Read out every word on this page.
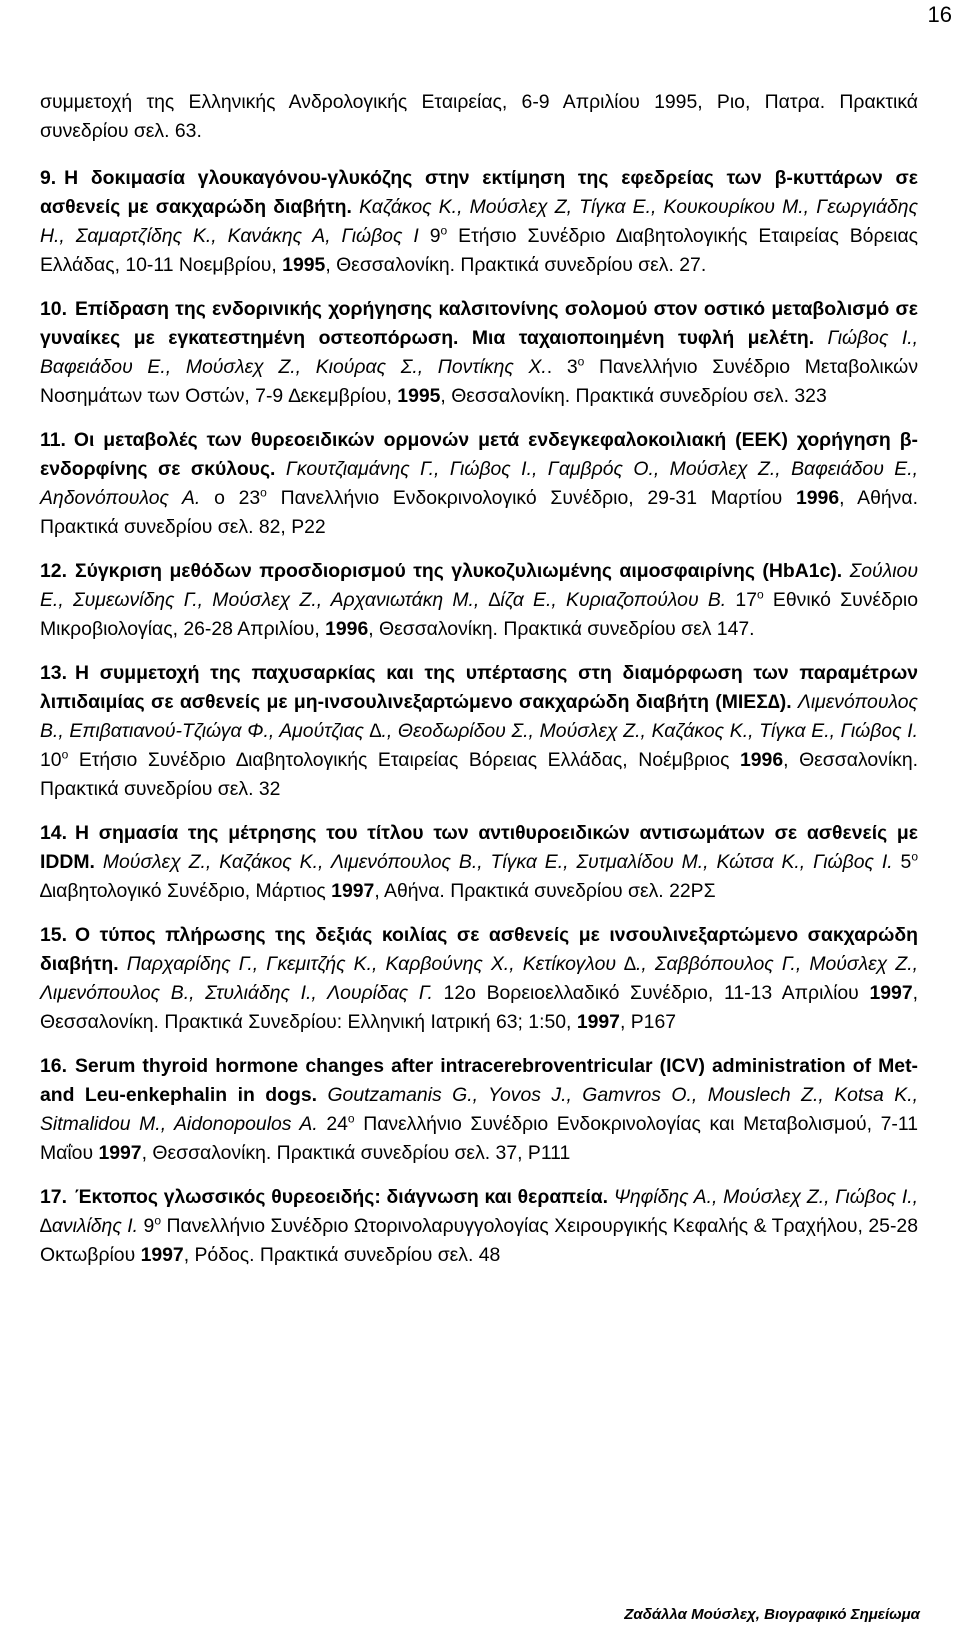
16

συμμετοχή της Ελληνικής Ανδρολογικής Εταιρείας, 6-9 Απριλίου 1995, Ριο, Πατρα. Πρακτικά συνεδρίου σελ. 63.

9. Η δοκιμασία γλουκαγόνου-γλυκόζης στην εκτίμηση της εφεδρείας των β-κυττάρων σε ασθενείς με σακχαρώδη διαβήτη. Καζάκος Κ., Μούσλεχ Ζ, Τίγκα Ε., Κουκουρίκου Μ., Γεωργιάδης Η., Σαμαρτζίδης Κ., Κανάκης Α, Γιώβος Ι $9^o$ Ετήσιο Συνέδριο ∆ιαβητολογικής Εταιρείας Βόρειας Ελλάδας, 10-11 Νοεμβρίου, 1995, Θεσσαλονίκη. Πρακτικά συνεδρίου σελ. 27.

10. Επίδραση της ενδορινικής χορήγησης καλσιτονίνης σολομού στον οστικό μεταβολισμό σε γυναίκες με εγκατεστημένη οστεοπόρωση. Μια ταχαιοποιημένη τυφλή μελέτη. Γιώβος Ι., Βαφειάδου Ε., Μούσλεχ Ζ., Κιούρας Σ., Ποντίκης Χ.. $3^o$ Πανελλήνιο Συνέδριο Μεταβολικών Νοσημάτων των Οστών, 7-9 ∆εκεμβρίου, 1995, Θεσσαλονίκη. Πρακτικά συνεδρίου σελ. 323

11. Οι μεταβολές των θυρεοειδικών ορμονών μετά ενδεγκεφαλοκοιλιακή (ΕΕΚ) χορήγηση β-ενδορφίνης σε σκύλους. Γκουτζιαμάνης Γ., Γιώβος Ι., Γαμβρός Ο., Μούσλεχ Ζ., Βαφειάδου Ε., Αηδονόπουλος Α. ο $23^o$ Πανελλήνιο Ενδοκρινολογικό Συνέδριο, 29-31 Μαρτίου 1996, Αθήνα. Πρακτικά συνεδρίου σελ. 82, Ρ22

12. Σύγκριση μεθόδων προσδιορισμού της γλυκοζυλιωμένης αιμοσφαιρίνης (HbA1c). Σούλιου Ε., Συμεωνίδης Γ., Μούσλεχ Ζ., Αρχανιωτάκη Μ., ∆ίζα Ε., Κυριαζοπούλου Β. $17^o$ Εθνικό Συνέδριο Μικροβιολογίας, 26-28 Απριλίου, 1996, Θεσσαλονίκη. Πρακτικά συνεδρίου σελ 147.

13. Η συμμετοχή της παχυσαρκίας και της υπέρτασης στη διαμόρφωση των παραμέτρων λιπιδαιμίας σε ασθενείς με μη-ινσουλινεξαρτώμενο σακχαρώδη διαβήτη (ΜΙΕΣ∆). Λιμενόπουλος Β., Επιβατιανού-Τζιώγα Φ., Αμούτζιας ∆., Θεοδωρίδου Σ., Μούσλεχ Ζ., Καζάκος Κ., Τίγκα Ε., Γιώβος Ι. $10^o$ Ετήσιο Συνέδριο ∆ιαβητολογικής Εταιρείας Βόρειας Ελλάδας, Νοέμβριος 1996, Θεσσαλονίκη. Πρακτικά συνεδρίου σελ. 32

14. Η σημασία της μέτρησης του τίτλου των αντιθυροειδικών αντισωμάτων σε ασθενείς με IDDM. Μούσλεχ Ζ., Καζάκος Κ., Λιμενόπουλος Β., Τίγκα Ε., Συτμαλίδου Μ., Κώτσα Κ., Γιώβος Ι. $5^o$ ∆ιαβητολογικό Συνέδριο, Μάρτιος 1997, Αθήνα. Πρακτικά συνεδρίου σελ. 22ΡΣ

15. Ο τύπος πλήρωσης της δεξιάς κοιλίας σε ασθενείς με ινσουλινεξαρτώμενο σακχαρώδη διαβήτη. Παρχαρίδης Γ., Γκεμιτζής Κ., Καρβούνης Χ., Κετίκογλου ∆., Σαββόπουλος Γ., Μούσλεχ Ζ., Λιμενόπουλος Β., Στυλιάδης Ι., Λουρίδας Γ. 12ο Βορειοελλαδικό Συνέδριο, 11-13 Απριλίου 1997, Θεσσαλονίκη. Πρακτικά Συνεδρίου: Ελληνική Ιατρική 63; 1:50, 1997, Ρ167

16. Serum thyroid hormone changes after intracerebroventricular (ICV) administration of Met- and Leu-enkephalin in dogs. Goutzamanis G., Yovos J., Gamvros O., Mouslech Z., Kotsa K., Sitmalidou M., Aidonopoulos A. $24^o$ Πανελλήνιο Συνέδριο Ενδοκρινολογίας και Μεταβολισμού, 7-11 Μαΐου 1997, Θεσσαλονίκη. Πρακτικά συνεδρίου σελ. 37, Ρ111

17. Έκτοπος γλωσσικός θυρεοειδής: διάγνωση και θεραπεία. Ψηφίδης Α., Μούσλεχ Ζ., Γιώβος Ι., ∆ανιλίδης Ι. $9^o$ Πανελλήνιο Συνέδριο Ωτορινολαρυγγολογίας Χειρουργικής Κεφαλής & Τραχήλου, 25-28 Οκτωβρίου 1997, Ρόδος. Πρακτικά συνεδρίου σελ. 48

Ζαδάλλα Μούσλεχ, Βιογραφικό Σημείωμα
